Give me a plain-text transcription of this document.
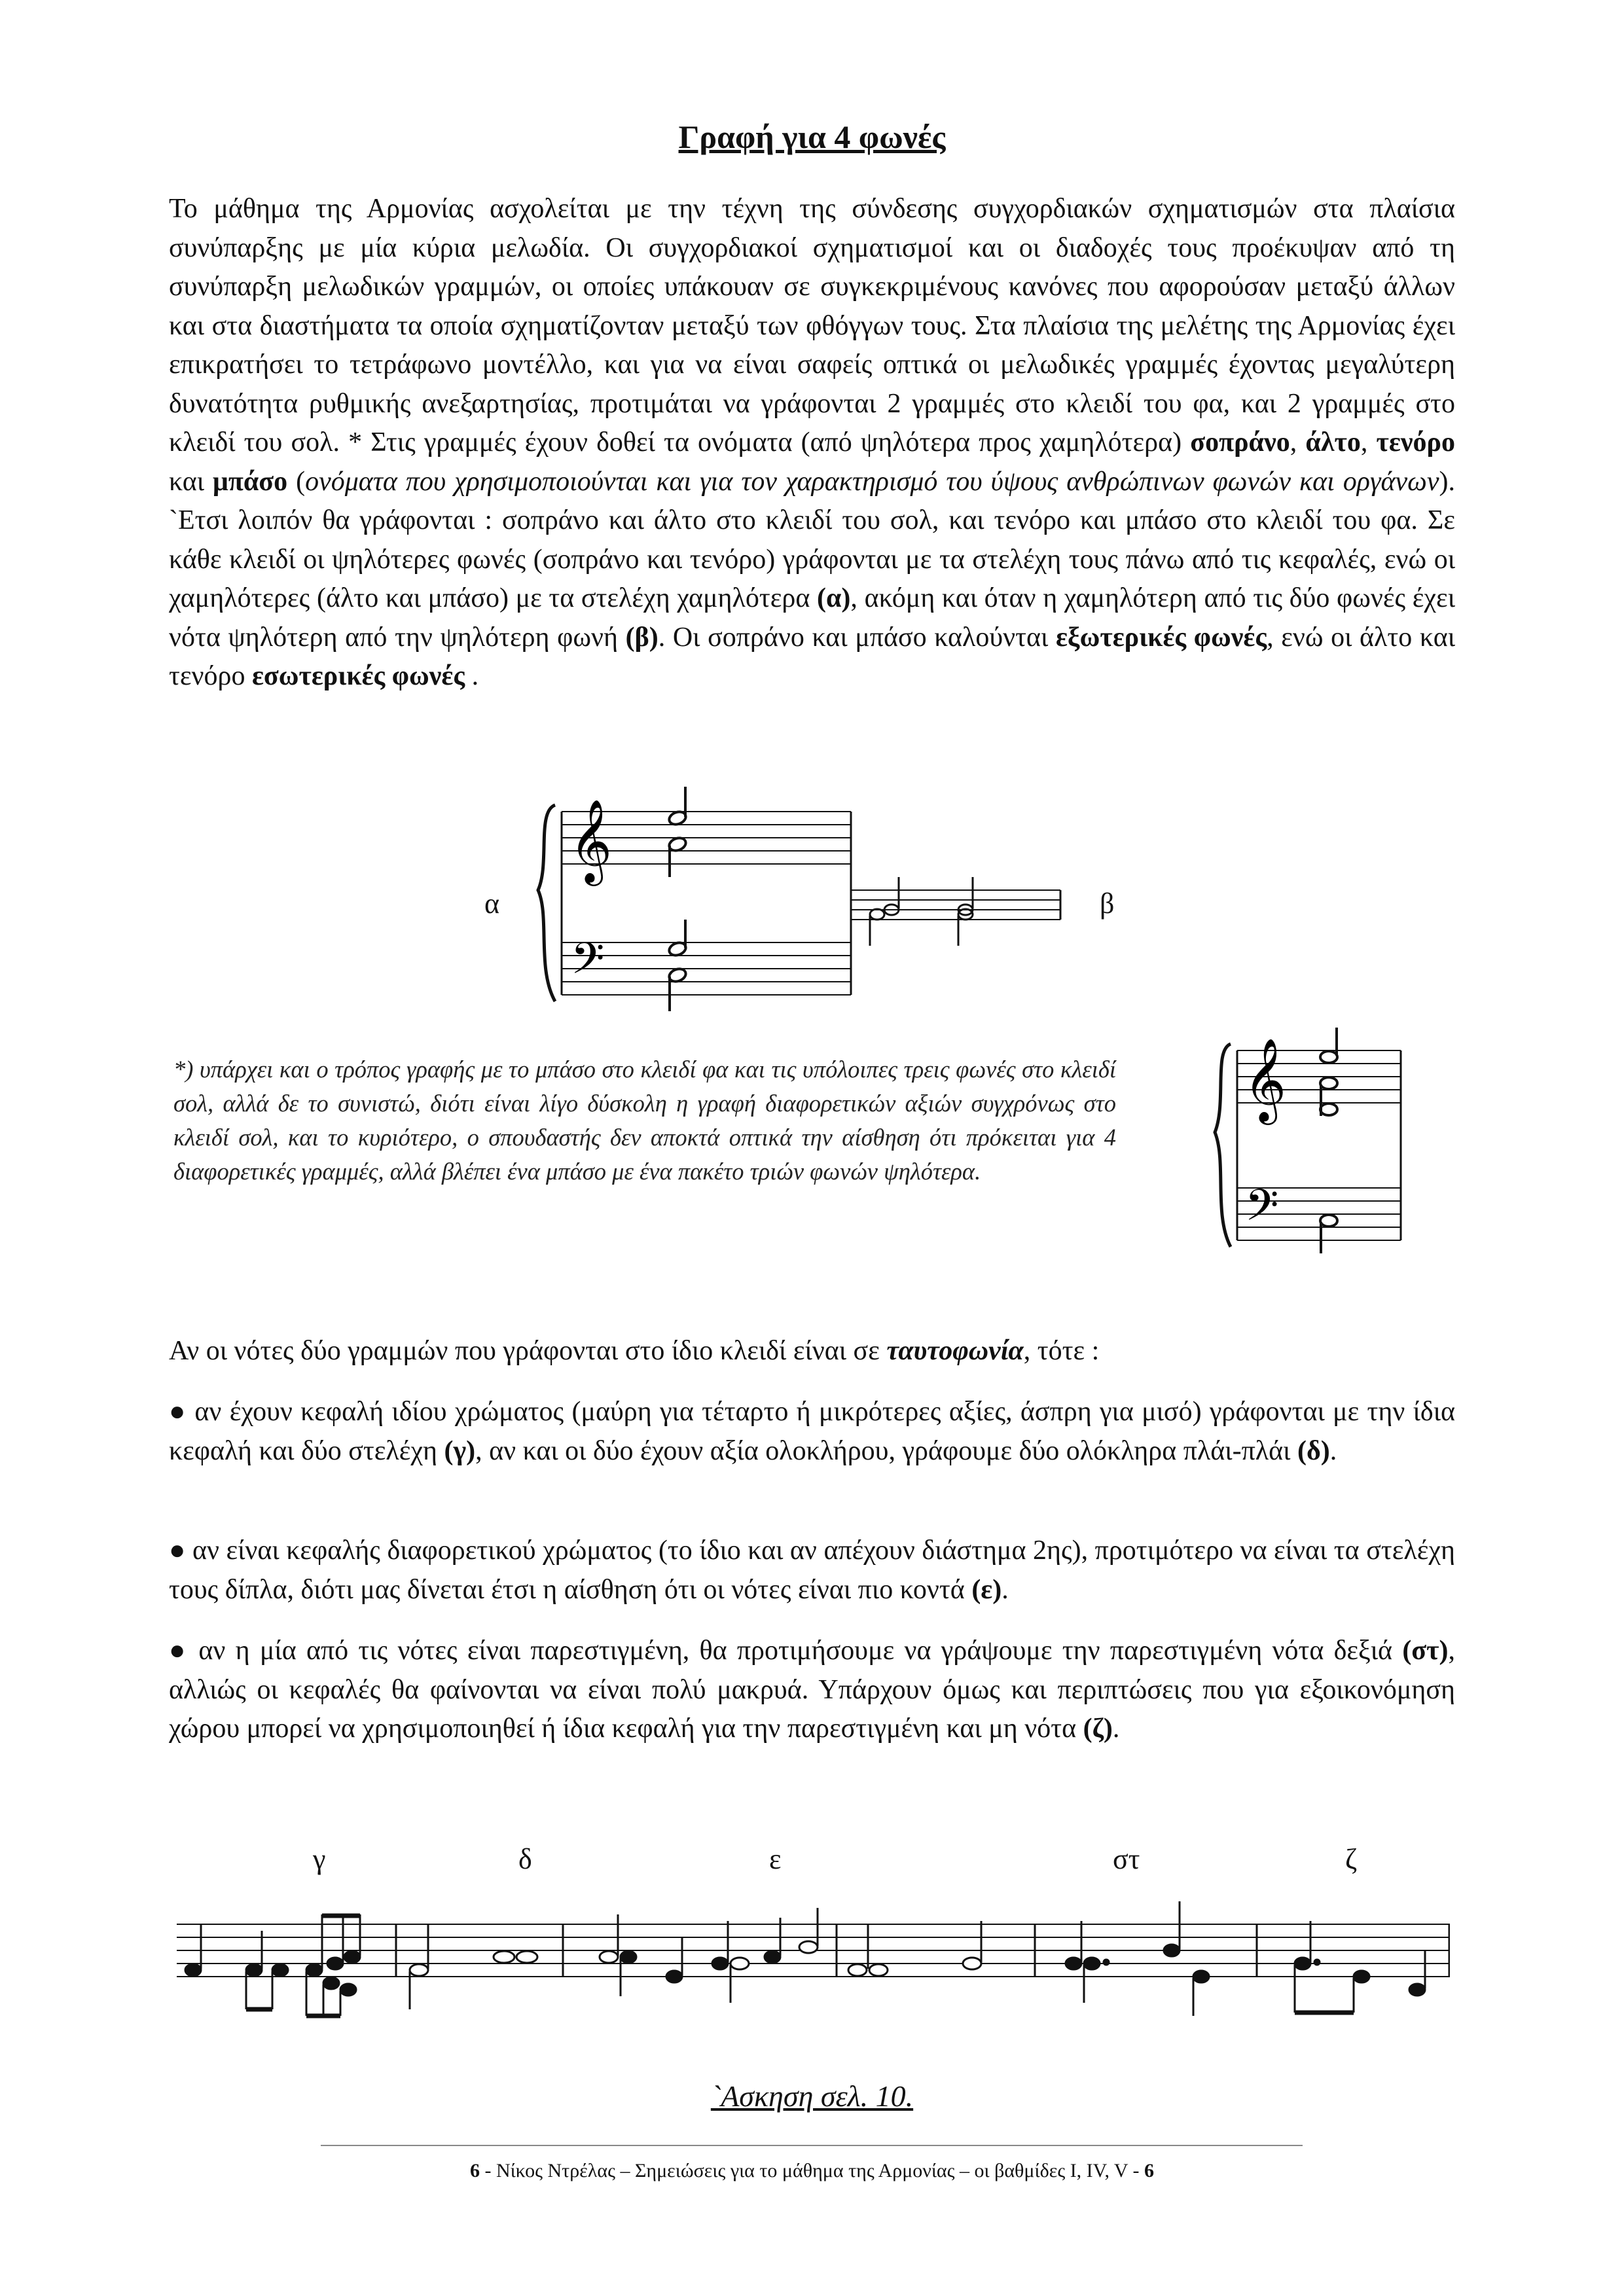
Γραφή για 4 φωνές
Το μάθημα της Αρμονίας ασχολείται με την τέχνη της σύνδεσης συγχορδιακών σχηματισμών στα πλαίσια συνύπαρξης με μία κύρια μελωδία. Οι συγχορδιακοί σχηματισμοί και οι διαδοχές τους προέκυψαν από τη συνύπαρξη μελωδικών γραμμών, οι οποίες υπάκουαν σε συγκεκριμένους κανόνες που αφορούσαν μεταξύ άλλων και στα διαστήματα τα οποία σχηματίζονταν μεταξύ των φθόγγων τους. Στα πλαίσια της μελέτης της Αρμονίας έχει επικρατήσει το τετράφωνο μοντέλλο, και για να είναι σαφείς οπτικά οι μελωδικές γραμμές έχοντας μεγαλύτερη δυνατότητα ρυθμικής ανεξαρτησίας, προτιμάται να γράφονται 2 γραμμές στο κλειδί του φα, και 2 γραμμές στο κλειδί του σολ. * Στις γραμμές έχουν δοθεί τα ονόματα (από ψηλότερα προς χαμηλότερα) σοπράνο, άλτο, τενόρο και μπάσο (ονόματα που χρησιμοποιούνται και για τον χαρακτηρισμό του ύψους ανθρώπινων φωνών και οργάνων). `Ετσι λοιπόν θα γράφονται : σοπράνο και άλτο στο κλειδί του σολ, και τενόρο και μπάσο στο κλειδί του φα. Σε κάθε κλειδί οι ψηλότερες φωνές (σοπράνο και τενόρο) γράφονται με τα στελέχη τους πάνω από τις κεφαλές, ενώ οι χαμηλότερες (άλτο και μπάσο) με τα στελέχη χαμηλότερα (α), ακόμη και όταν η χαμηλότερη από τις δύο φωνές έχει νότα ψηλότερη από την ψηλότερη φωνή (β). Οι σοπράνο και μπάσο καλούνται εξωτερικές φωνές, ενώ οι άλτο και τενόρο εσωτερικές φωνές .
α	β
𝄞
𝄢
*) υπάρχει και ο τρόπος γραφής με το μπάσο στο κλειδί φα και τις υπόλοιπες τρεις φωνές στο κλειδί σολ, αλλά δε το συνιστώ, διότι είναι λίγο δύσκολη η γραφή διαφορετικών αξιών συγχρόνως στο κλειδί σολ, και το κυριότερο, ο σπουδαστής δεν αποκτά οπτικά την αίσθηση ότι πρόκειται για 4 διαφορετικές γραμμές, αλλά βλέπει ένα μπάσο με ένα πακέτο τριών φωνών ψηλότερα.
𝄞
𝄢
Αν οι νότες δύο γραμμών που γράφονται στο ίδιο κλειδί είναι σε ταυτοφωνία, τότε :
● αν έχουν κεφαλή ιδίου χρώματος (μαύρη για τέταρτο ή μικρότερες αξίες, άσπρη για μισό) γράφονται με την ίδια κεφαλή και δύο στελέχη (γ), αν και οι δύο έχουν αξία ολοκλήρου, γράφουμε δύο ολόκληρα πλάι-πλάι (δ).
● αν είναι κεφαλής διαφορετικού χρώματος (το ίδιο και αν απέχουν διάστημα 2ης), προτιμότερο να είναι τα στελέχη τους δίπλα, διότι μας δίνεται έτσι η αίσθηση ότι οι νότες είναι πιο κοντά (ε).
● αν η μία από τις νότες είναι παρεστιγμένη, θα προτιμήσουμε να γράψουμε την παρεστιγμένη νότα δεξιά (στ), αλλιώς οι κεφαλές θα φαίνονται να είναι πολύ μακρυά. Υπάρχουν όμως και περιπτώσεις που για εξοικονόμηση χώρου μπορεί να χρησιμοποιηθεί ή ίδια κεφαλή για την παρεστιγμένη και μη νότα (ζ).
γ	δ	ε	στ	ζ
`Ασκηση σελ. 10.
6 - Νίκος Ντρέλας – Σημειώσεις για το μάθημα της Αρμονίας – οι βαθμίδες I, IV, V - 6
